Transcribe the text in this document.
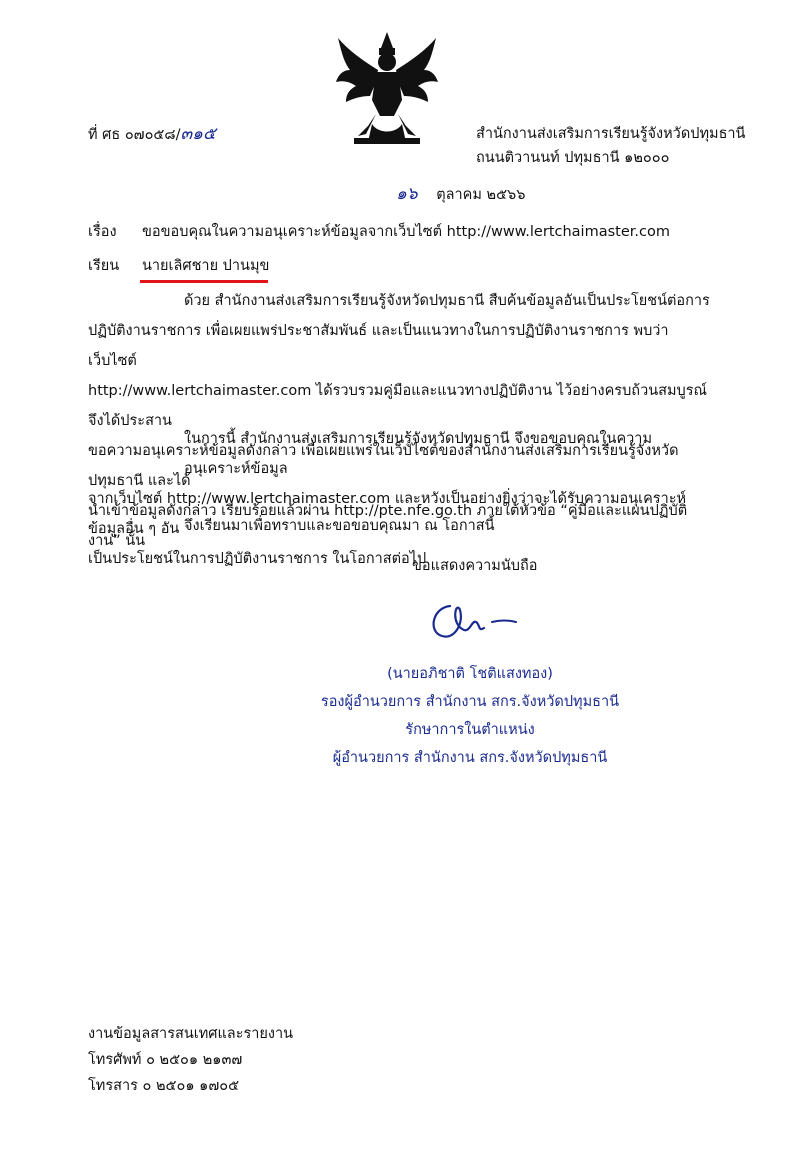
ที่ ศธ ๐๗๐๕๘/๓๑๕	สำนักงานส่งเสริมการเรียนรู้จังหวัดปทุมธานี
ถนนติวานนท์ ปทุมธานี ๑๒๐๐๐
๑๖ ตุลาคม ๒๕๖๖
เรื่อง ขอขอบคุณในความอนุเคราะห์ข้อมูลจากเว็บไซต์ http://www.lertchaimaster.com
เรียน นายเลิศชาย ปานมุข

ด้วย สำนักงานส่งเสริมการเรียนรู้จังหวัดปทุมธานี สืบค้นข้อมูลอันเป็นประโยชน์ต่อการ

ปฏิบัติงานราชการ เพื่อเผยแพร่ประชาสัมพันธ์ และเป็นแนวทางในการปฏิบัติงานราชการ พบว่าเว็บไซต์

http://www.lertchaimaster.com ได้รวบรวมคู่มือและแนวทางปฏิบัติงาน ไว้อย่างครบถ้วนสมบูรณ์ จึงได้ประสาน

ขอความอนุเคราะห์ข้อมูลดังกล่าว เพื่อเผยแพร่ในเว็บไซต์ของสำนักงานส่งเสริมการเรียนรู้จังหวัดปทุมธานี และได้

นำเข้าข้อมูลดังกล่าว เรียบร้อยแล้วผ่าน http://pte.nfe.go.th ภายใต้หัวข้อ “คู่มือและแผนปฏิบัติงาน” นั้น

ในการนี้ สำนักงานส่งเสริมการเรียนรู้จังหวัดปทุมธานี จึงขอขอบคุณในความอนุเคราะห์ข้อมูล

จากเว็บไซต์ http://www.lertchaimaster.com และหวังเป็นอย่างยิ่งว่าจะได้รับความอนุเคราะห์ข้อมูลอื่น ๆ อัน

เป็นประโยชน์ในการปฏิบัติงานราชการ ในโอกาสต่อไป

จึงเรียนมาเพื่อทราบและขอขอบคุณมา ณ โอกาสนี้
ขอแสดงความนับถือ
(นายอภิชาติ โชติแสงทอง)
รองผู้อำนวยการ สำนักงาน สกร.จังหวัดปทุมธานี
รักษาการในตำแหน่ง
ผู้อำนวยการ สำนักงาน สกร.จังหวัดปทุมธานี
งานข้อมูลสารสนเทศและรายงาน
โทรศัพท์ ๐ ๒๕๐๑ ๒๑๓๗
โทรสาร ๐ ๒๕๐๑ ๑๗๐๕
